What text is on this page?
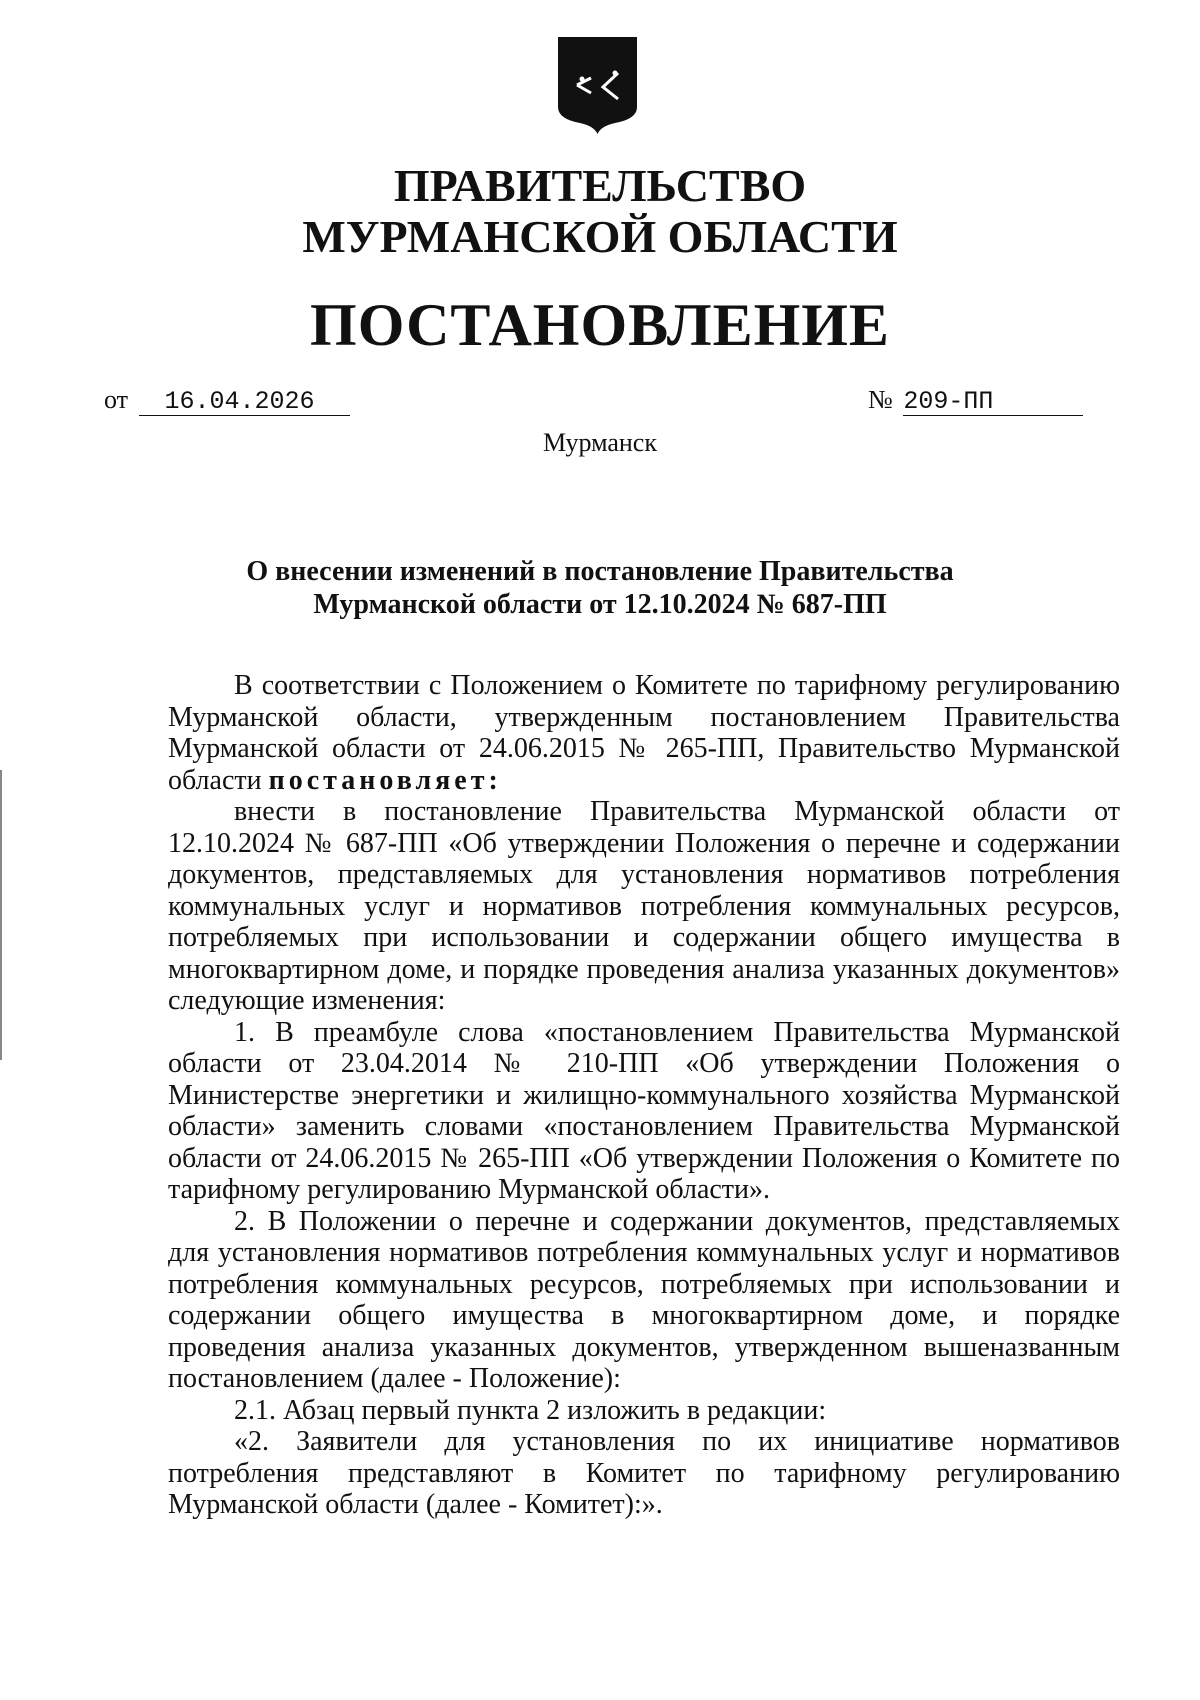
ПРАВИТЕЛЬСТВО
МУРМАНСКОЙ ОБЛАСТИ
ПОСТАНОВЛЕНИЕ
от 16.04.2026	№ 209-ПП
Мурманск
О внесении изменений в постановление Правительства
Мурманской области от 12.10.2024 № 687-ПП

В соответствии с Положением о Комитете по тарифному регулированию Мурманской области, утвержденным постановлением Правительства Мурманской области от 24.06.2015 № 265-ПП, Правительство Мурманской области постановляет:

внести в постановление Правительства Мурманской области от 12.10.2024 № 687-ПП «Об утверждении Положения о перечне и содержании документов, представляемых для установления нормативов потребления коммунальных услуг и нормативов потребления коммунальных ресурсов, потребляемых при использовании и содержании общего имущества в многоквартирном доме, и порядке проведения анализа указанных документов» следующие изменения:

1. В преамбуле слова «постановлением Правительства Мурманской области от 23.04.2014 № 210-ПП «Об утверждении Положения о Министерстве энергетики и жилищно-коммунального хозяйства Мурманской области» заменить словами «постановлением Правительства Мурманской области от 24.06.2015 № 265-ПП «Об утверждении Положения о Комитете по тарифному регулированию Мурманской области».

2. В Положении о перечне и содержании документов, представляемых для установления нормативов потребления коммунальных услуг и нормативов потребления коммунальных ресурсов, потребляемых при использовании и содержании общего имущества в многоквартирном доме, и порядке проведения анализа указанных документов, утвержденном вышеназванным постановлением (далее - Положение):

2.1. Абзац первый пункта 2 изложить в редакции:

«2. Заявители для установления по их инициативе нормативов потребления представляют в Комитет по тарифному регулированию Мурманской области (далее - Комитет):».
